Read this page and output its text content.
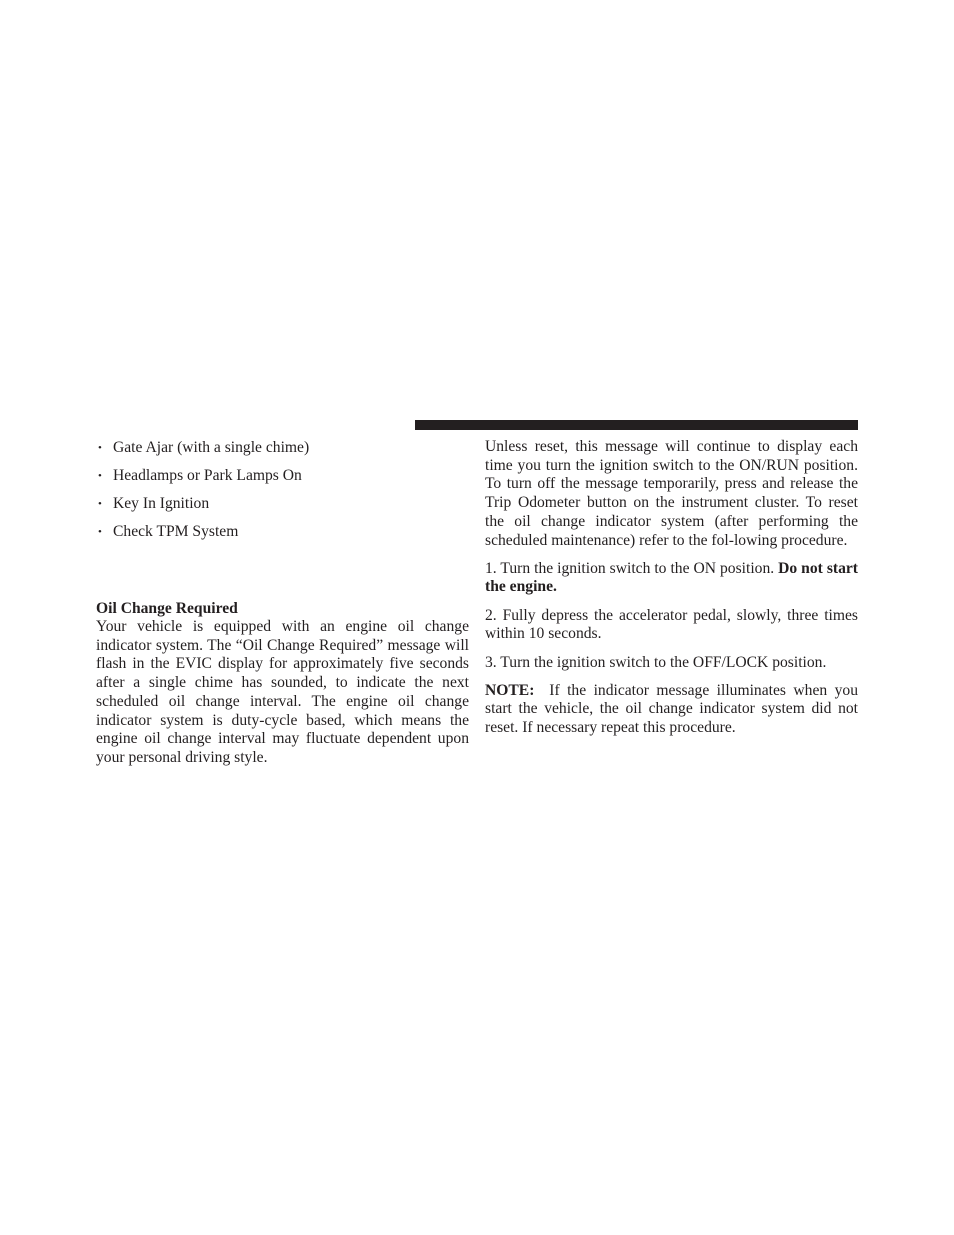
• Gate Ajar (with a single chime)
• Headlamps or Park Lamps On
• Key In Ignition
• Check TPM System
Oil Change Required

Your vehicle is equipped with an engine oil change indicator system. The “Oil Change Required” message will flash in the EVIC display for approximately five seconds after a single chime has sounded, to indicate the next scheduled oil change interval. The engine oil change indicator system is duty-cycle based, which means the engine oil change interval may fluctuate dependent upon your personal driving style.

Unless reset, this message will continue to display each time you turn the ignition switch to the ON/RUN position. To turn off the message temporarily, press and release the Trip Odometer button on the instrument cluster. To reset the oil change indicator system (after performing the scheduled maintenance) refer to the fol-lowing procedure.

1. Turn the ignition switch to the ON position. Do not start the engine.

2. Fully depress the accelerator pedal, slowly, three times within 10 seconds.

3. Turn the ignition switch to the OFF/LOCK position.

NOTE: If the indicator message illuminates when you start the vehicle, the oil change indicator system did not reset. If necessary repeat this procedure.
